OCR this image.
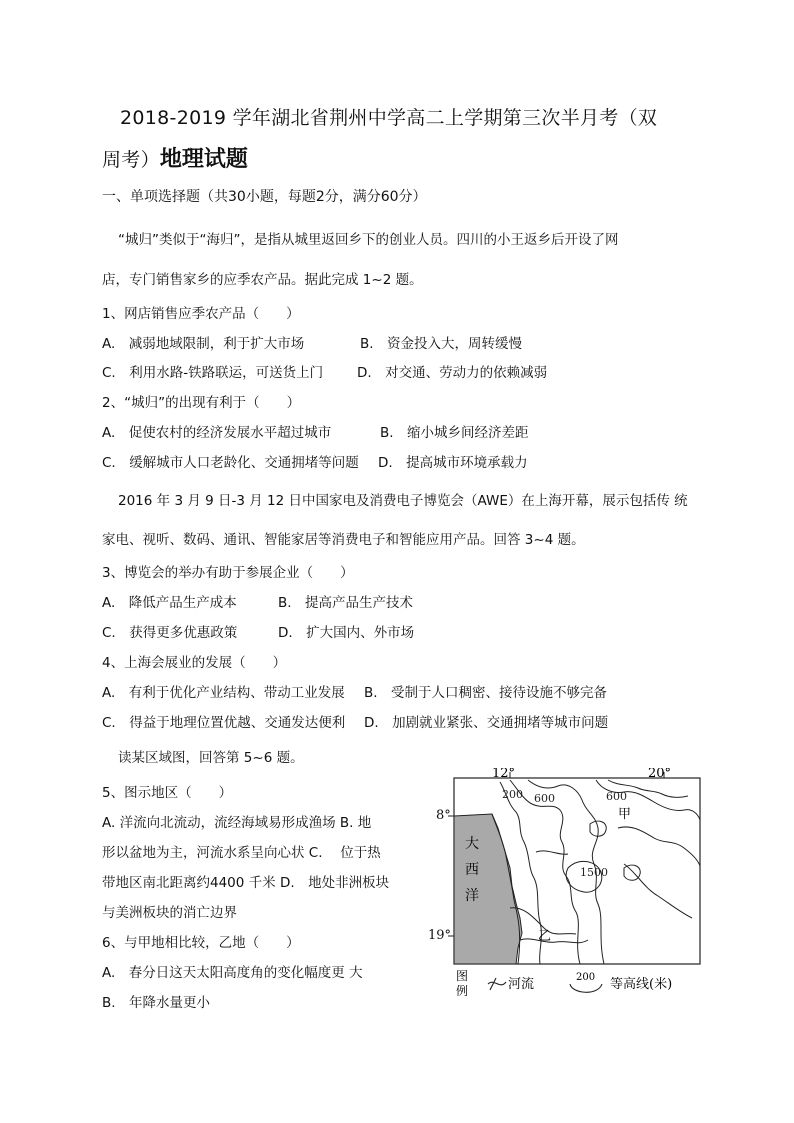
2018-2019 学年湖北省荆州中学高二上学期第三次半月考（双
周考）地理试题
一、单项选择题（共30小题，每题2分，满分60分）
“城归”类似于“海归”，是指从城里返回乡下的创业人员。四川的小王返乡后开设了网
店，专门销售家乡的应季农产品。据此完成 1~2 题。
1、网店销售应季农产品（　　）
A.　减弱地域限制，利于扩大市场	B.　资金投入大，周转缓慢
C.　利用水路-铁路联运，可送货上门	D.　对交通、劳动力的依赖减弱
2、“城归”的出现有利于（　　）
A.　促使农村的经济发展水平超过城市	B.　缩小城乡间经济差距
C.　缓解城市人口老龄化、交通拥堵等问题 D.　提高城市环境承载力
2016 年 3 月 9 日-3 月 12 日中国家电及消费电子博览会（AWE）在上海开幕，展示包括传 统
家电、视听、数码、通讯、智能家居等消费电子和智能应用产品。回答 3~4 题。
3、博览会的举办有助于参展企业（　　）
A.　降低产品生产成本	B.　提高产品生产技术
C.　获得更多优惠政策	D.　扩大国内、外市场
4、上海会展业的发展（　　）
A.　有利于优化产业结构、带动工业发展 B.　受制于人口稠密、接待设施不够完备
C.　得益于地理位置优越、交通发达便利 D.　加剧就业紧张、交通拥堵等城市问题
读某区域图，回答第 5~6 题。
5、图示地区（　　）
A. 洋流向北流动，流经海域易形成渔场 B. 地
形以盆地为主，河流水系呈向心状 C.　 位于热
带地区南北距离约4400 千米 D.　地处非洲板块
与美洲板块的消亡边界
6、与甲地相比较，乙地（　　）
A.　春分日这天太阳高度角的变化幅度更 大
B.　年降水量更小
12°	20°
大
西
洋
200 600	600
1500
甲
乙
图
例	河流	200 等高线(米)
8°
19°
